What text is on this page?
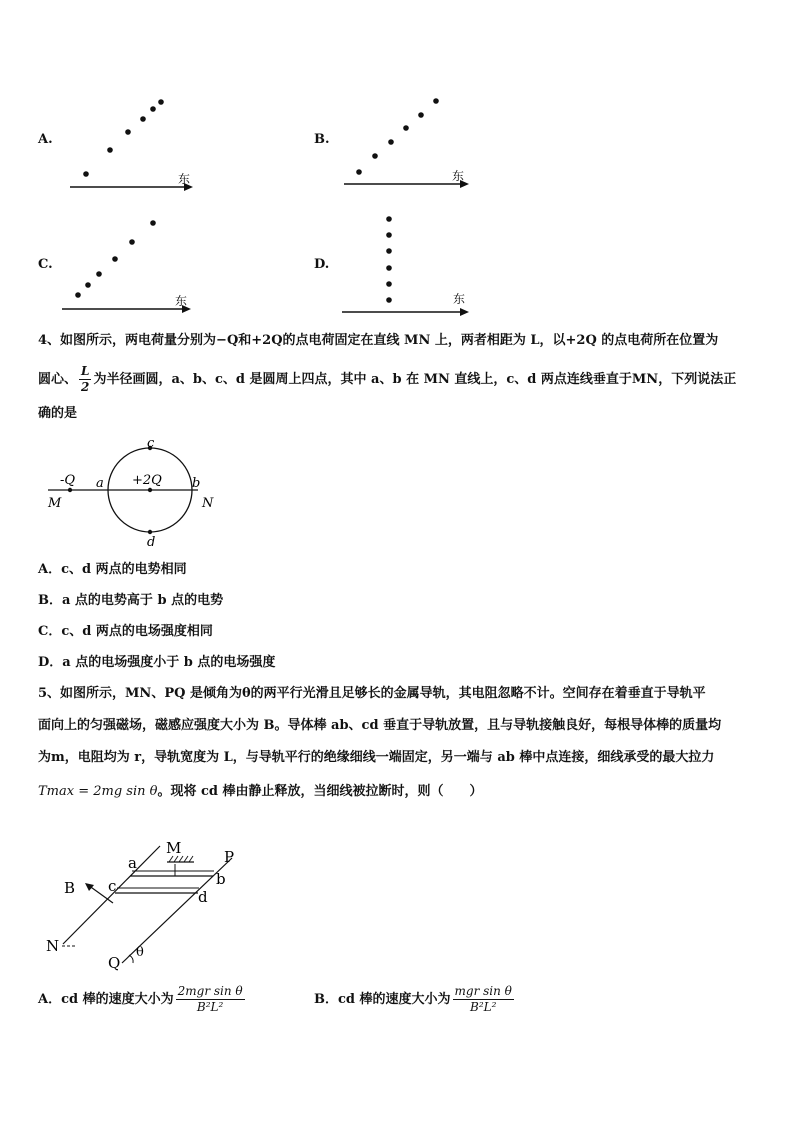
A.
东
B.
东
C.
东
D.
东
4、如图所示，两电荷量分别为−Q和+2Q的点电荷固定在直线 MN 上，两者相距为 L，以+2Q 的点电荷所在位置为
圆心、 $\frac{L}{2}$ 为半径画圆，a、b、c、d 是圆周上四点，其中 a、b 在 MN 直线上，c、d 两点连线垂直于MN，下列说法正
确的是
c
d
a	b
M	N
-Q	+2Q
A．c、d 两点的电势相同
B．a 点的电势高于 b 点的电势
C．c、d 两点的电场强度相同
D．a 点的电场强度小于 b 点的电场强度
5、如图所示，MN、PQ 是倾角为θ的两平行光滑且足够长的金属导轨，其电阻忽略不计。空间存在着垂直于导轨平
面向上的匀强磁场，磁感应强度大小为 B。导体棒 ab、cd 垂直于导轨放置，且与导轨接触良好，每根导体棒的质量均
为m，电阻均为 r，导轨宽度为 L，与导轨平行的绝缘细线一端固定，另一端与 ab 棒中点连接，细线承受的最大拉力
Tmax = 2mg sin θ。现将 cd 棒由静止释放，当细线被拉断时，则（　　）
M	P
a
b
c
d
B
N
Q
θ
A．cd 棒的速度大小为 $\frac{\text{2mgr sin θ}}{\text{B²L²}}$	B．cd 棒的速度大小为 $\frac{\text{mgr sin θ}}{\text{B²L²}}$
